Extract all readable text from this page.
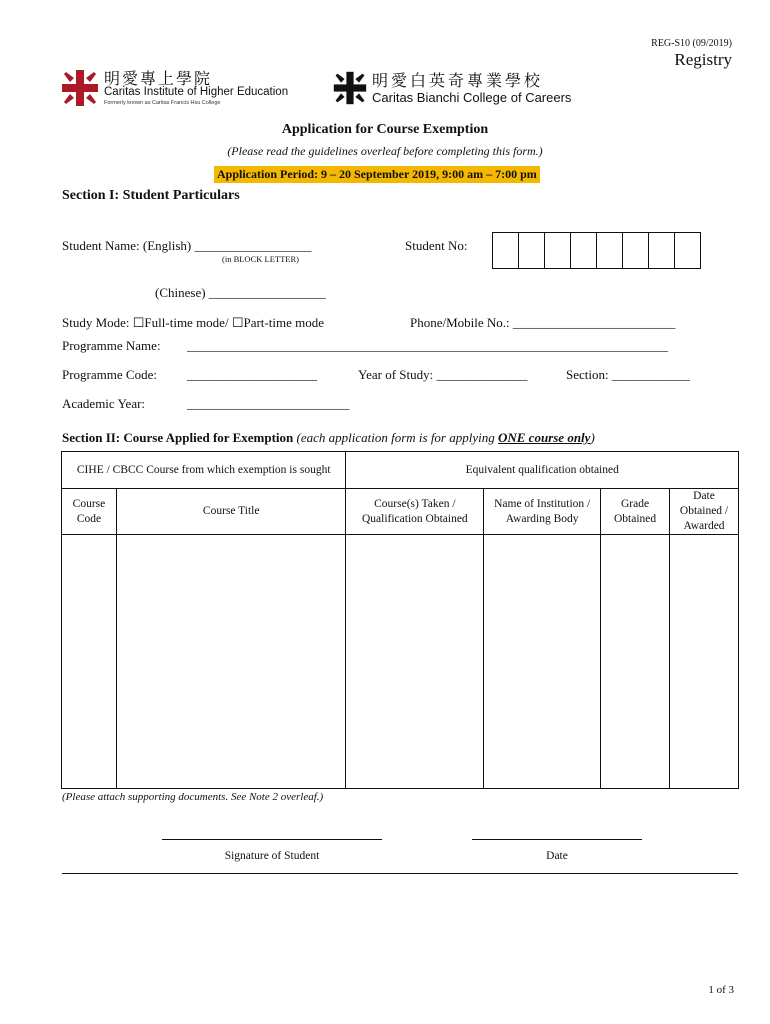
REG-S10 (09/2019)
Registry
明愛專上學院
Caritas Institute of Higher Education
Formerly known as Caritas Francis Hsu College
明愛白英奇專業學校
Caritas Bianchi College of Careers
Application for Course Exemption
(Please read the guidelines overleaf before completing this form.)
Application Period: 9 – 20 September 2019, 9:00 am – 7:00 pm
Section I: Student Particulars
Student Name: (English) __________________
(in BLOCK LETTER)
Student No:
(Chinese) __________________
Study Mode: ☐Full-time mode/ ☐Part-time mode	Phone/Mobile No.: _________________________
Programme Name: __________________________________________________________________________
Programme Code: ____________________	Year of Study: ______________	Section: ____________
Academic Year:	_________________________
Section II: Course Applied for Exemption (each application form is for applying ONE course only)
CIHE / CBCC Course from which exemption is sought		Equivalent qualification obtained			
Course Code	Course Title	Course(s) Taken / Qualification Obtained	Name of Institution / Awarding Body	Grade Obtained	Date Obtained / Awarded

(Please attach supporting documents. See Note 2 overleaf.)
Signature of Student	Date
1 of 3
